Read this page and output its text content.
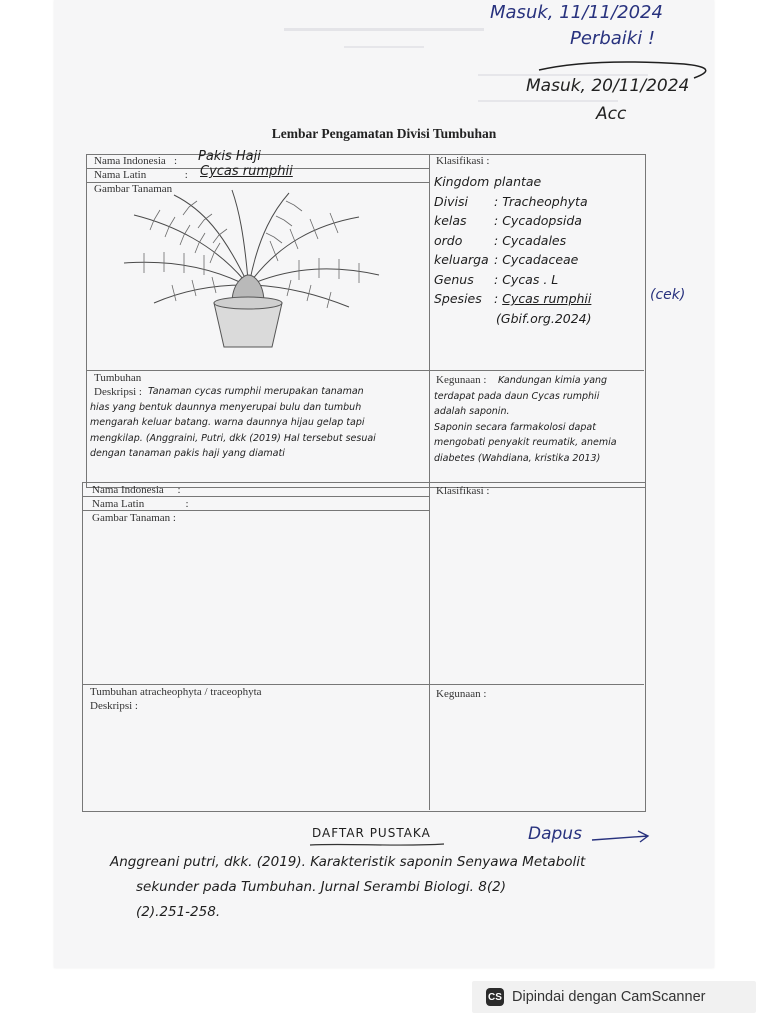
Masuk, 11/11/2024
Perbaiki !
Masuk, 20/11/2024
Acc
Lembar Pengamatan Divisi Tumbuhan
Nama Indonesia   :
Nama Latin              :
Gambar Tanaman
Pakis Haji
Cycas rumphii
Klasifikasi :
Kingdom plantae
Divisi : Tracheophyta
kelas : Cycadopsida
ordo	: Cycadales
keluarga : Cycadaceae
Genus : Cycas . L
Spesies : Cycas rumphii
(Gbif.org.2024)
(cek)
Tumbuhan
Deskripsi : Tanaman cycas rumphii merupakan tanaman
hias yang bentuk daunnya menyerupai bulu dan tumbuh
mengarah keluar batang. warna daunnya hijau gelap tapi
mengkilap. (Anggraini, Putri, dkk (2019) Hal tersebut sesuai
dengan tanaman pakis haji yang diamati
Kegunaan :	Kandungan kimia yang
terdapat pada daun Cycas rumphii
adalah saponin.
Saponin secara farmakolosi dapat
mengobati penyakit reumatik, anemia
diabetes (Wahdiana, kristika 2013)
Nama Indonesia     :
Nama Latin               :
Gambar Tanaman :
Klasifikasi :
Tumbuhan atracheophyta / traceophyta
Deskripsi :
Kegunaan :
DAFTAR PUSTAKA	Dapus
Anggreani putri, dkk. (2019). Karakteristik saponin Senyawa Metabolit
sekunder pada Tumbuhan. Jurnal Serambi Biologi. 8(2)
(2).251-258.
CS Dipindai dengan CamScanner
